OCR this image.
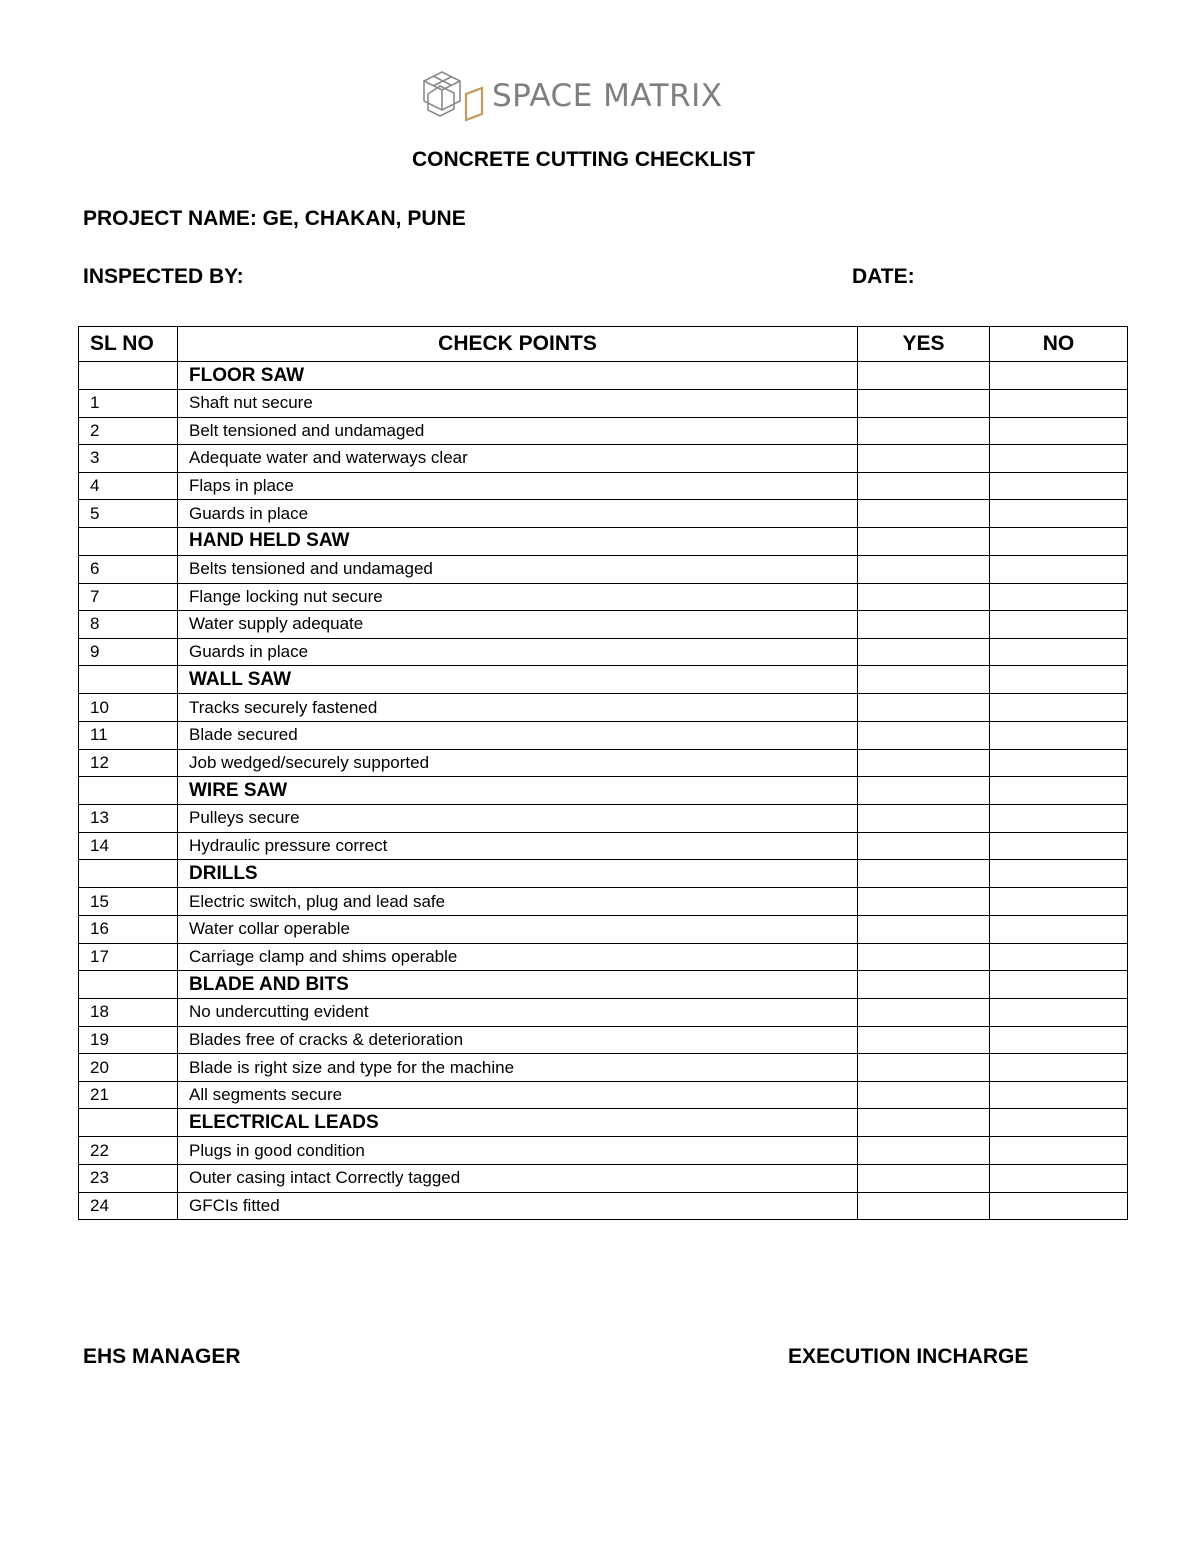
SPACE MATRIX
CONCRETE CUTTING CHECKLIST
PROJECT NAME: GE, CHAKAN, PUNE
INSPECTED BY:	DATE:
SL NO	CHECK POINTS	YES	NO
	FLOOR SAW		
1	Shaft nut secure		
2	Belt tensioned and undamaged		
3	Adequate water and waterways clear		
4	Flaps in place		
5	Guards in place		
	HAND HELD SAW		
6	Belts tensioned and undamaged		
7	Flange locking nut secure		
8	Water supply adequate		
9	Guards in place		
	WALL SAW		
10	Tracks securely fastened		
11	Blade secured		
12	Job wedged/securely supported		
	WIRE SAW		
13	Pulleys secure		
14	Hydraulic pressure correct		
	DRILLS		
15	Electric switch, plug and lead safe		
16	Water collar operable		
17	Carriage clamp and shims operable		
	BLADE AND BITS		
18	No undercutting evident		
19	Blades free of cracks & deterioration		
20	Blade is right size and type for the machine		
21	All segments secure		
	ELECTRICAL LEADS		
22	Plugs in good condition		
23	Outer casing intact Correctly tagged		
24	GFCIs fitted		
EHS MANAGER	EXECUTION INCHARGE
